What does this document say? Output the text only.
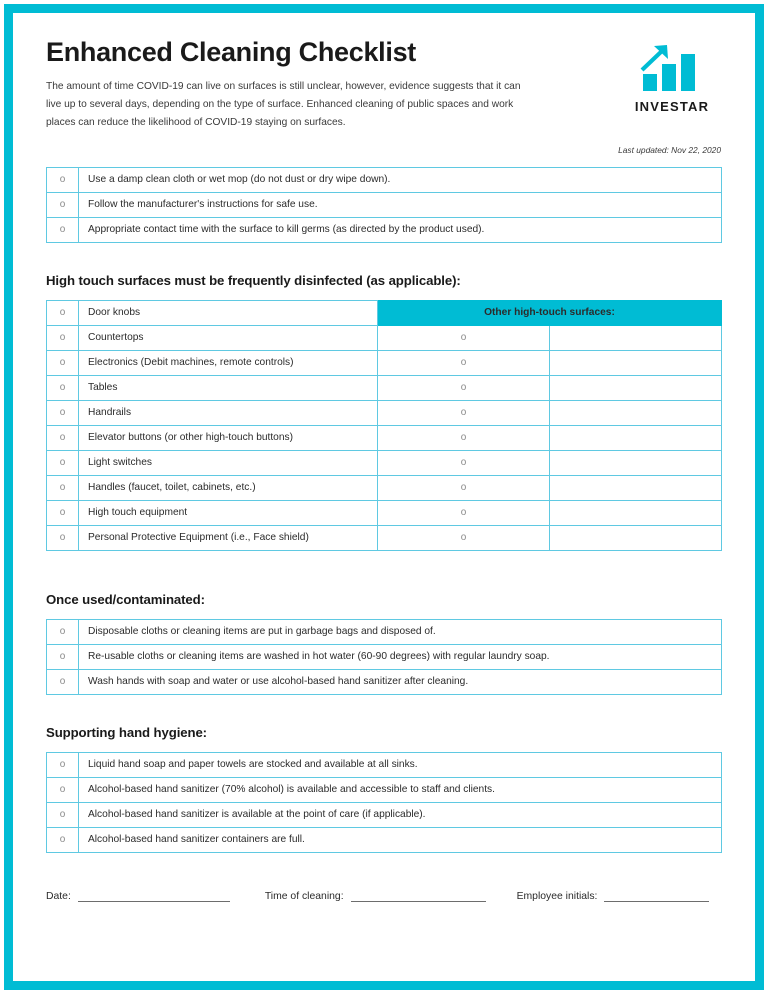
Enhanced Cleaning Checklist

The amount of time COVID-19 can live on surfaces is still unclear, however, evidence suggests that it can live up to several days, depending on the type of surface. Enhanced cleaning of public spaces and work places can reduce the likelihood of COVID-19 staying on surfaces.

INVESTAR
Last updated: Nov 22, 2020
o	Use a damp clean cloth or wet mop (do not dust or dry wipe down).
o	Follow the manufacturer's instructions for safe use.
o	Appropriate contact time with the surface to kill germs (as directed by the product used).
High touch surfaces must be frequently disinfected (as applicable):
o	Door knobs	Other high-touch surfaces:	
o	Countertops	o	
o	Electronics (Debit machines, remote controls)	o	
o	Tables	o	
o	Handrails	o	
o	Elevator buttons (or other high-touch buttons)	o	
o	Light switches	o	
o	Handles (faucet, toilet, cabinets, etc.)	o	
o	High touch equipment	o	
o	Personal Protective Equipment (i.e., Face shield)	o	
Once used/contaminated:
o	Disposable cloths or cleaning items are put in garbage bags and disposed of.
o	Re-usable cloths or cleaning items are washed in hot water (60-90 degrees) with regular laundry soap.
o	Wash hands with soap and water or use alcohol-based hand sanitizer after cleaning.
Supporting hand hygiene:
o	Liquid hand soap and paper towels are stocked and available at all sinks.
o	Alcohol-based hand sanitizer (70% alcohol) is available and accessible to staff and clients.
o	Alcohol-based hand sanitizer is available at the point of care (if applicable).
o	Alcohol-based hand sanitizer containers are full.
Date:	Time of cleaning:	Employee initials:
